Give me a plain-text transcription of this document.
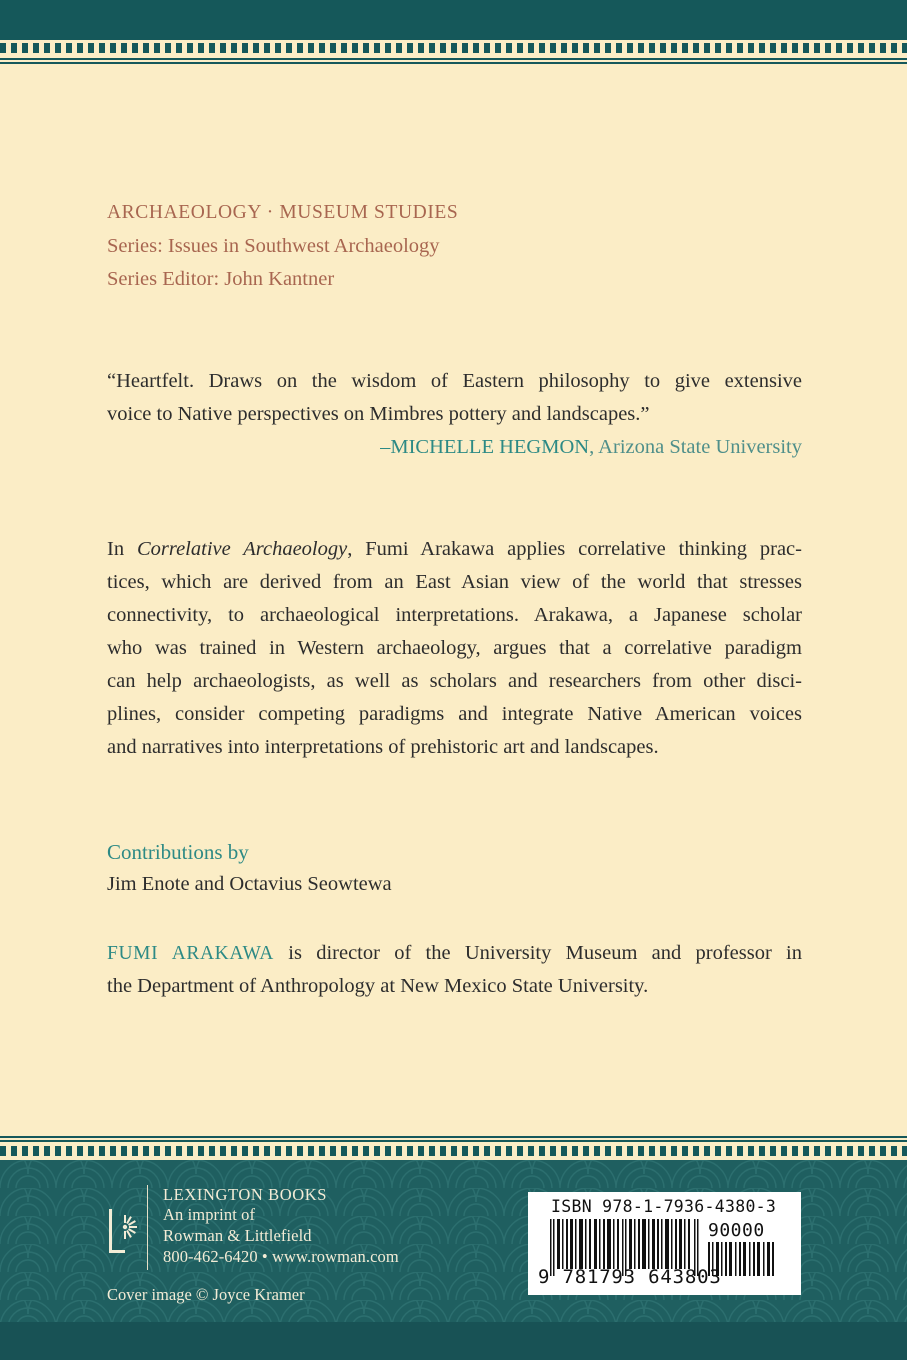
ARCHAEOLOGY · MUSEUM STUDIES
Series: Issues in Southwest Archaeology
Series Editor: John Kantner
“Heartfelt. Draws on the wisdom of Eastern philosophy to give extensive
voice to Native perspectives on Mimbres pottery and landscapes.”
–MICHELLE HEGMON, Arizona State University
In Correlative Archaeology, Fumi Arakawa applies correlative thinking prac-
tices, which are derived from an East Asian view of the world that stresses
connectivity, to archaeological interpretations. Arakawa, a Japanese scholar
who was trained in Western archaeology, argues that a correlative paradigm
can help archaeologists, as well as scholars and researchers from other disci-
plines, consider competing paradigms and integrate Native American voices
and narratives into interpretations of prehistoric art and landscapes.
Contributions by
Jim Enote and Octavius Seowtewa
FUMI ARAKAWA is director of the University Museum and professor in
the Department of Anthropology at New Mexico State University.
LEXINGTON BOOKS
An imprint of
Rowman & Littlefield
800-462-6420 • www.rowman.com
Cover image © Joyce Kramer
ISBN 978-1-7936-4380-3
90000
9 781793 643803
